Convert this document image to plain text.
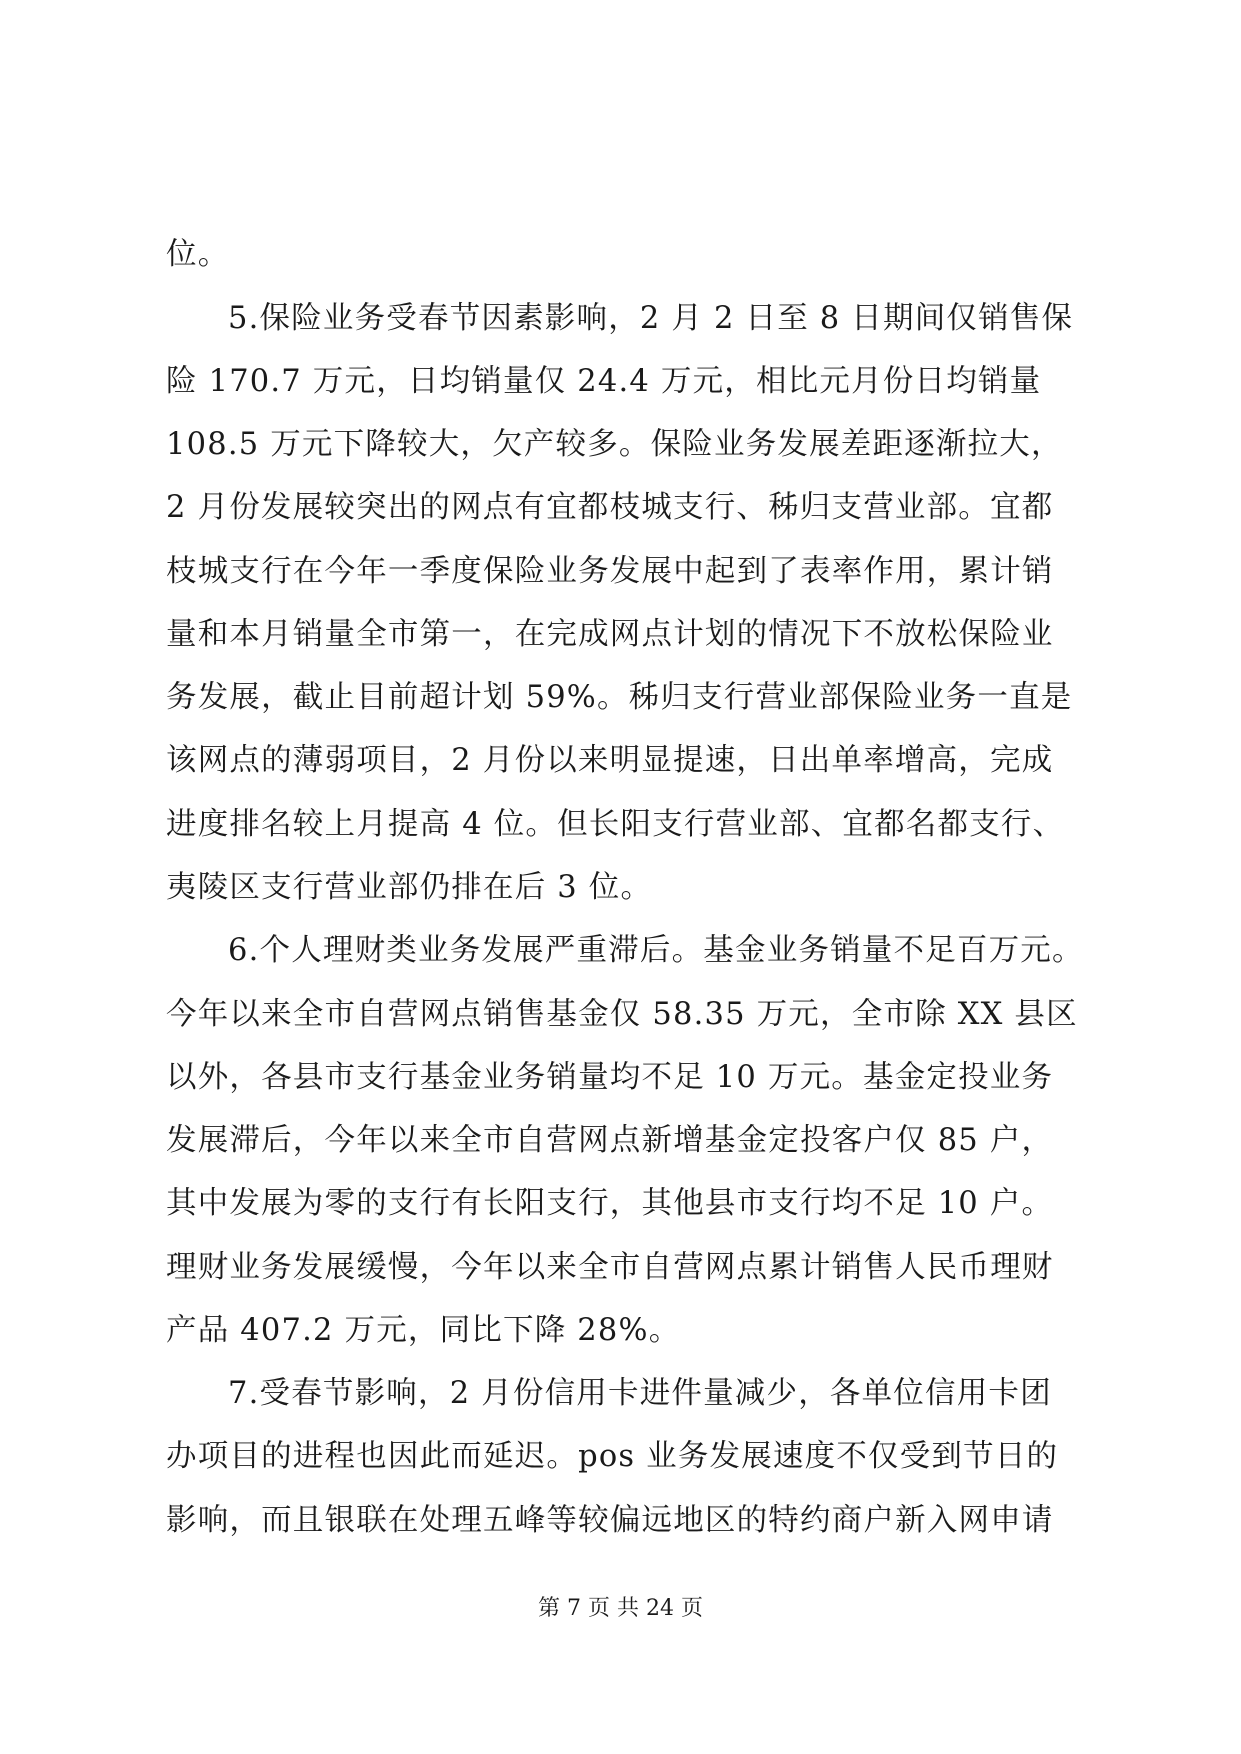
位。
5.保险业务受春节因素影响，2 月 2 日至 8 日期间仅销售保
险 170.7 万元，日均销量仅 24.4 万元，相比元月份日均销量
108.5 万元下降较大，欠产较多。保险业务发展差距逐渐拉大，
2 月份发展较突出的网点有宜都枝城支行、秭归支营业部。宜都
枝城支行在今年一季度保险业务发展中起到了表率作用，累计销
量和本月销量全市第一，在完成网点计划的情况下不放松保险业
务发展，截止目前超计划 59%。秭归支行营业部保险业务一直是
该网点的薄弱项目，2 月份以来明显提速，日出单率增高，完成
进度排名较上月提高 4 位。但长阳支行营业部、宜都名都支行、
夷陵区支行营业部仍排在后 3 位。
6.个人理财类业务发展严重滞后。基金业务销量不足百万元。
今年以来全市自营网点销售基金仅 58.35 万元，全市除 XX 县区
以外，各县市支行基金业务销量均不足 10 万元。基金定投业务
发展滞后，今年以来全市自营网点新增基金定投客户仅 85 户，
其中发展为零的支行有长阳支行，其他县市支行均不足 10 户。
理财业务发展缓慢，今年以来全市自营网点累计销售人民币理财
产品 407.2 万元，同比下降 28%。
7.受春节影响，2 月份信用卡进件量减少，各单位信用卡团
办项目的进程也因此而延迟。pos 业务发展速度不仅受到节日的
影响，而且银联在处理五峰等较偏远地区的特约商户新入网申请
第 7 页 共 24 页
